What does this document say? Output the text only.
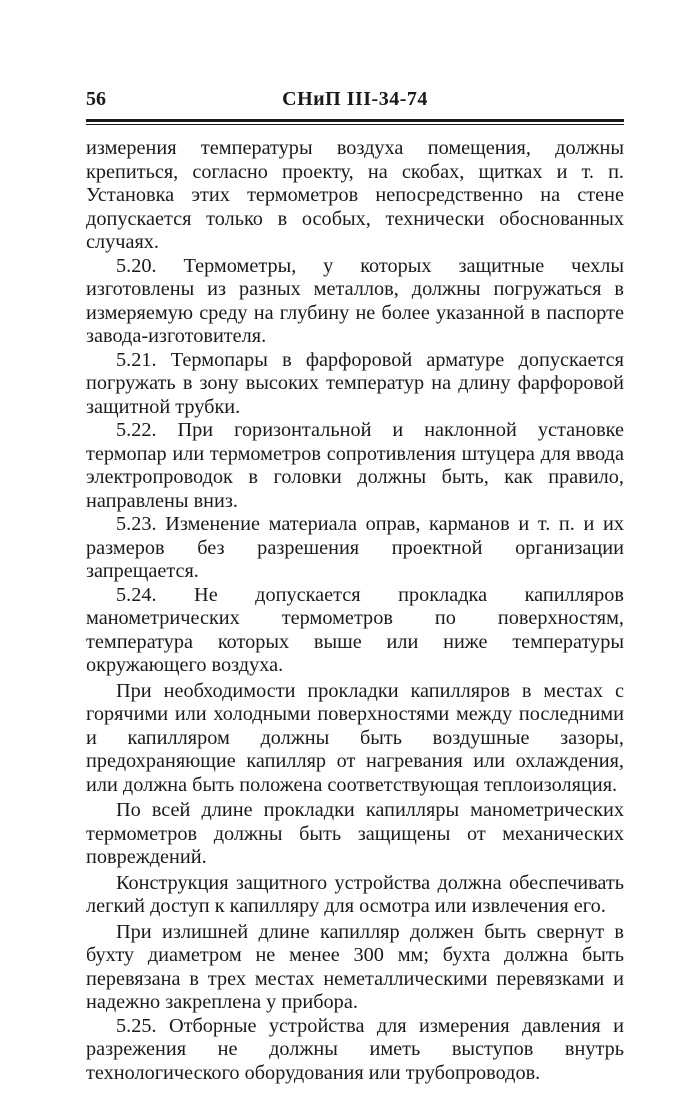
56	СНиП III-34-74

измерения температуры воздуха помещения, должны крепиться, согласно проекту, на скобах, щитках и т. п. Установка этих термометров непосредственно на стене допускается только в особых, технически обоснованных случаях.

5.20. Термометры, у которых защитные чехлы изготовлены из разных металлов, должны погружаться в измеряемую среду на глубину не более указанной в паспорте завода-изготовителя.

5.21. Термопары в фарфоровой арматуре допускается погружать в зону высоких температур на длину фарфоровой защитной трубки.

5.22. При горизонтальной и наклонной установке термопар или термометров сопротивления штуцера для ввода электропроводок в головки должны быть, как правило, направлены вниз.

5.23. Изменение материала оправ, карманов и т. п. и их размеров без разрешения проектной организации запрещается.

5.24. Не допускается прокладка капилляров манометрических термометров по поверхностям, температура которых выше или ниже температуры окружающего воздуха.

При необходимости прокладки капилляров в местах с горячими или холодными поверхностями между последними и капилляром должны быть воздушные зазоры, предохраняющие капилляр от нагревания или охлаждения, или должна быть положена соответствующая теплоизоляция.

По всей длине прокладки капилляры манометрических термометров должны быть защищены от механических повреждений.

Конструкция защитного устройства должна обеспечивать легкий доступ к капилляру для осмотра или извлечения его.

При излишней длине капилляр должен быть свернут в бухту диаметром не менее 300 мм; бухта должна быть перевязана в трех местах неметаллическими перевязками и надежно закреплена у прибора.

5.25. Отборные устройства для измерения давления и разрежения не должны иметь выступов внутрь технологического оборудования или трубопроводов.
